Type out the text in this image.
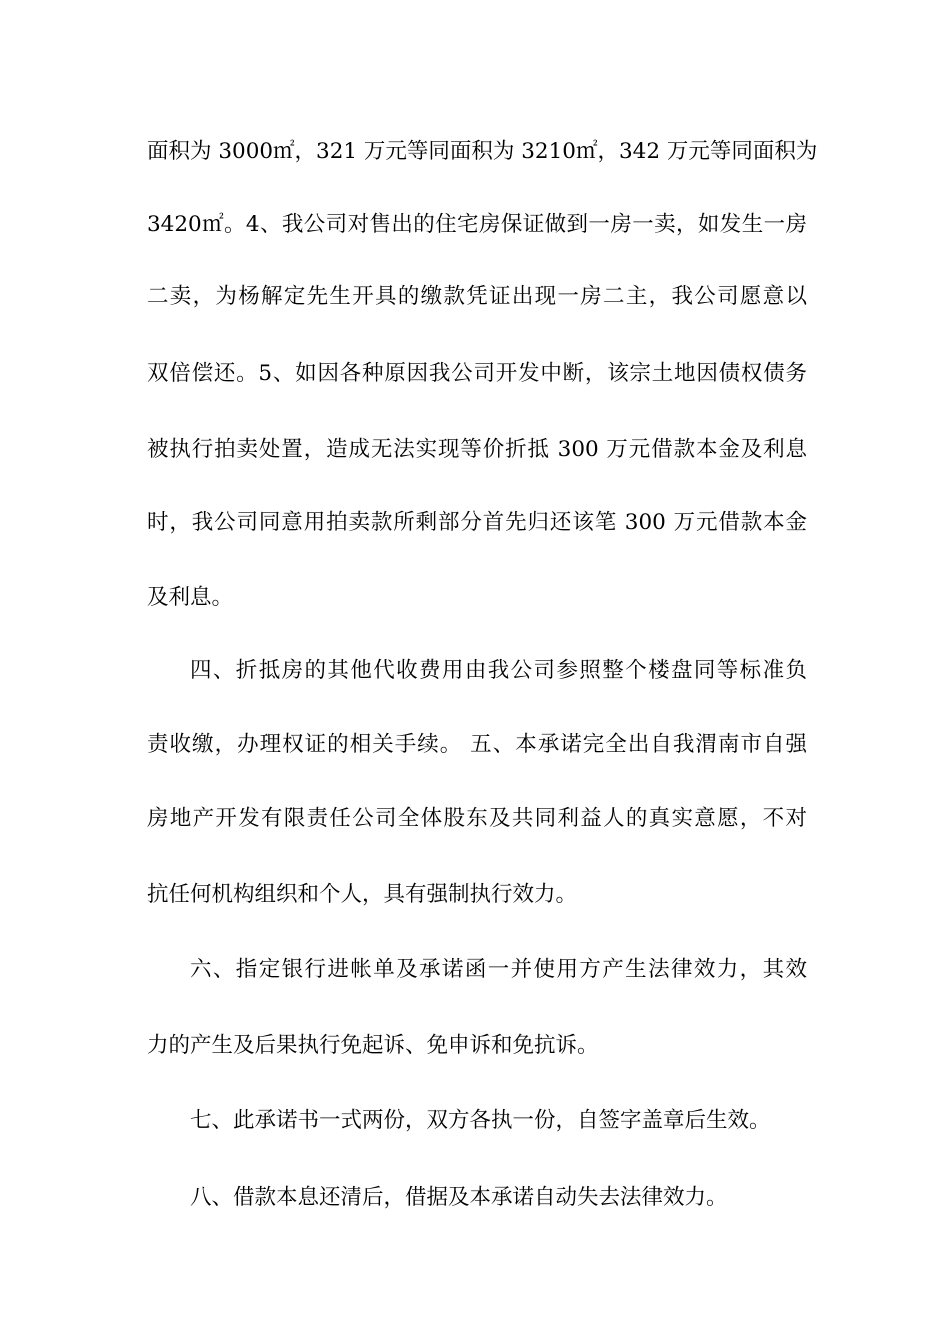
面积为 3000㎡，321 万元等同面积为 3210㎡，342 万元等同面积为
3420㎡。4、我公司对售出的住宅房保证做到一房一卖，如发生一房
二卖，为杨解定先生开具的缴款凭证出现一房二主，我公司愿意以
双倍偿还。5、如因各种原因我公司开发中断，该宗土地因债权债务
被执行拍卖处置，造成无法实现等价折抵 300 万元借款本金及利息
时，我公司同意用拍卖款所剩部分首先归还该笔 300 万元借款本金
及利息。
四、折抵房的其他代收费用由我公司参照整个楼盘同等标准负
责收缴，办理权证的相关手续。 五、本承诺完全出自我渭南市自强
房地产开发有限责任公司全体股东及共同利益人的真实意愿，不对
抗任何机构组织和个人，具有强制执行效力。
六、指定银行进帐单及承诺函一并使用方产生法律效力，其效
力的产生及后果执行免起诉、免申诉和免抗诉。
七、此承诺书一式两份，双方各执一份，自签字盖章后生效。
八、借款本息还清后，借据及本承诺自动失去法律效力。
